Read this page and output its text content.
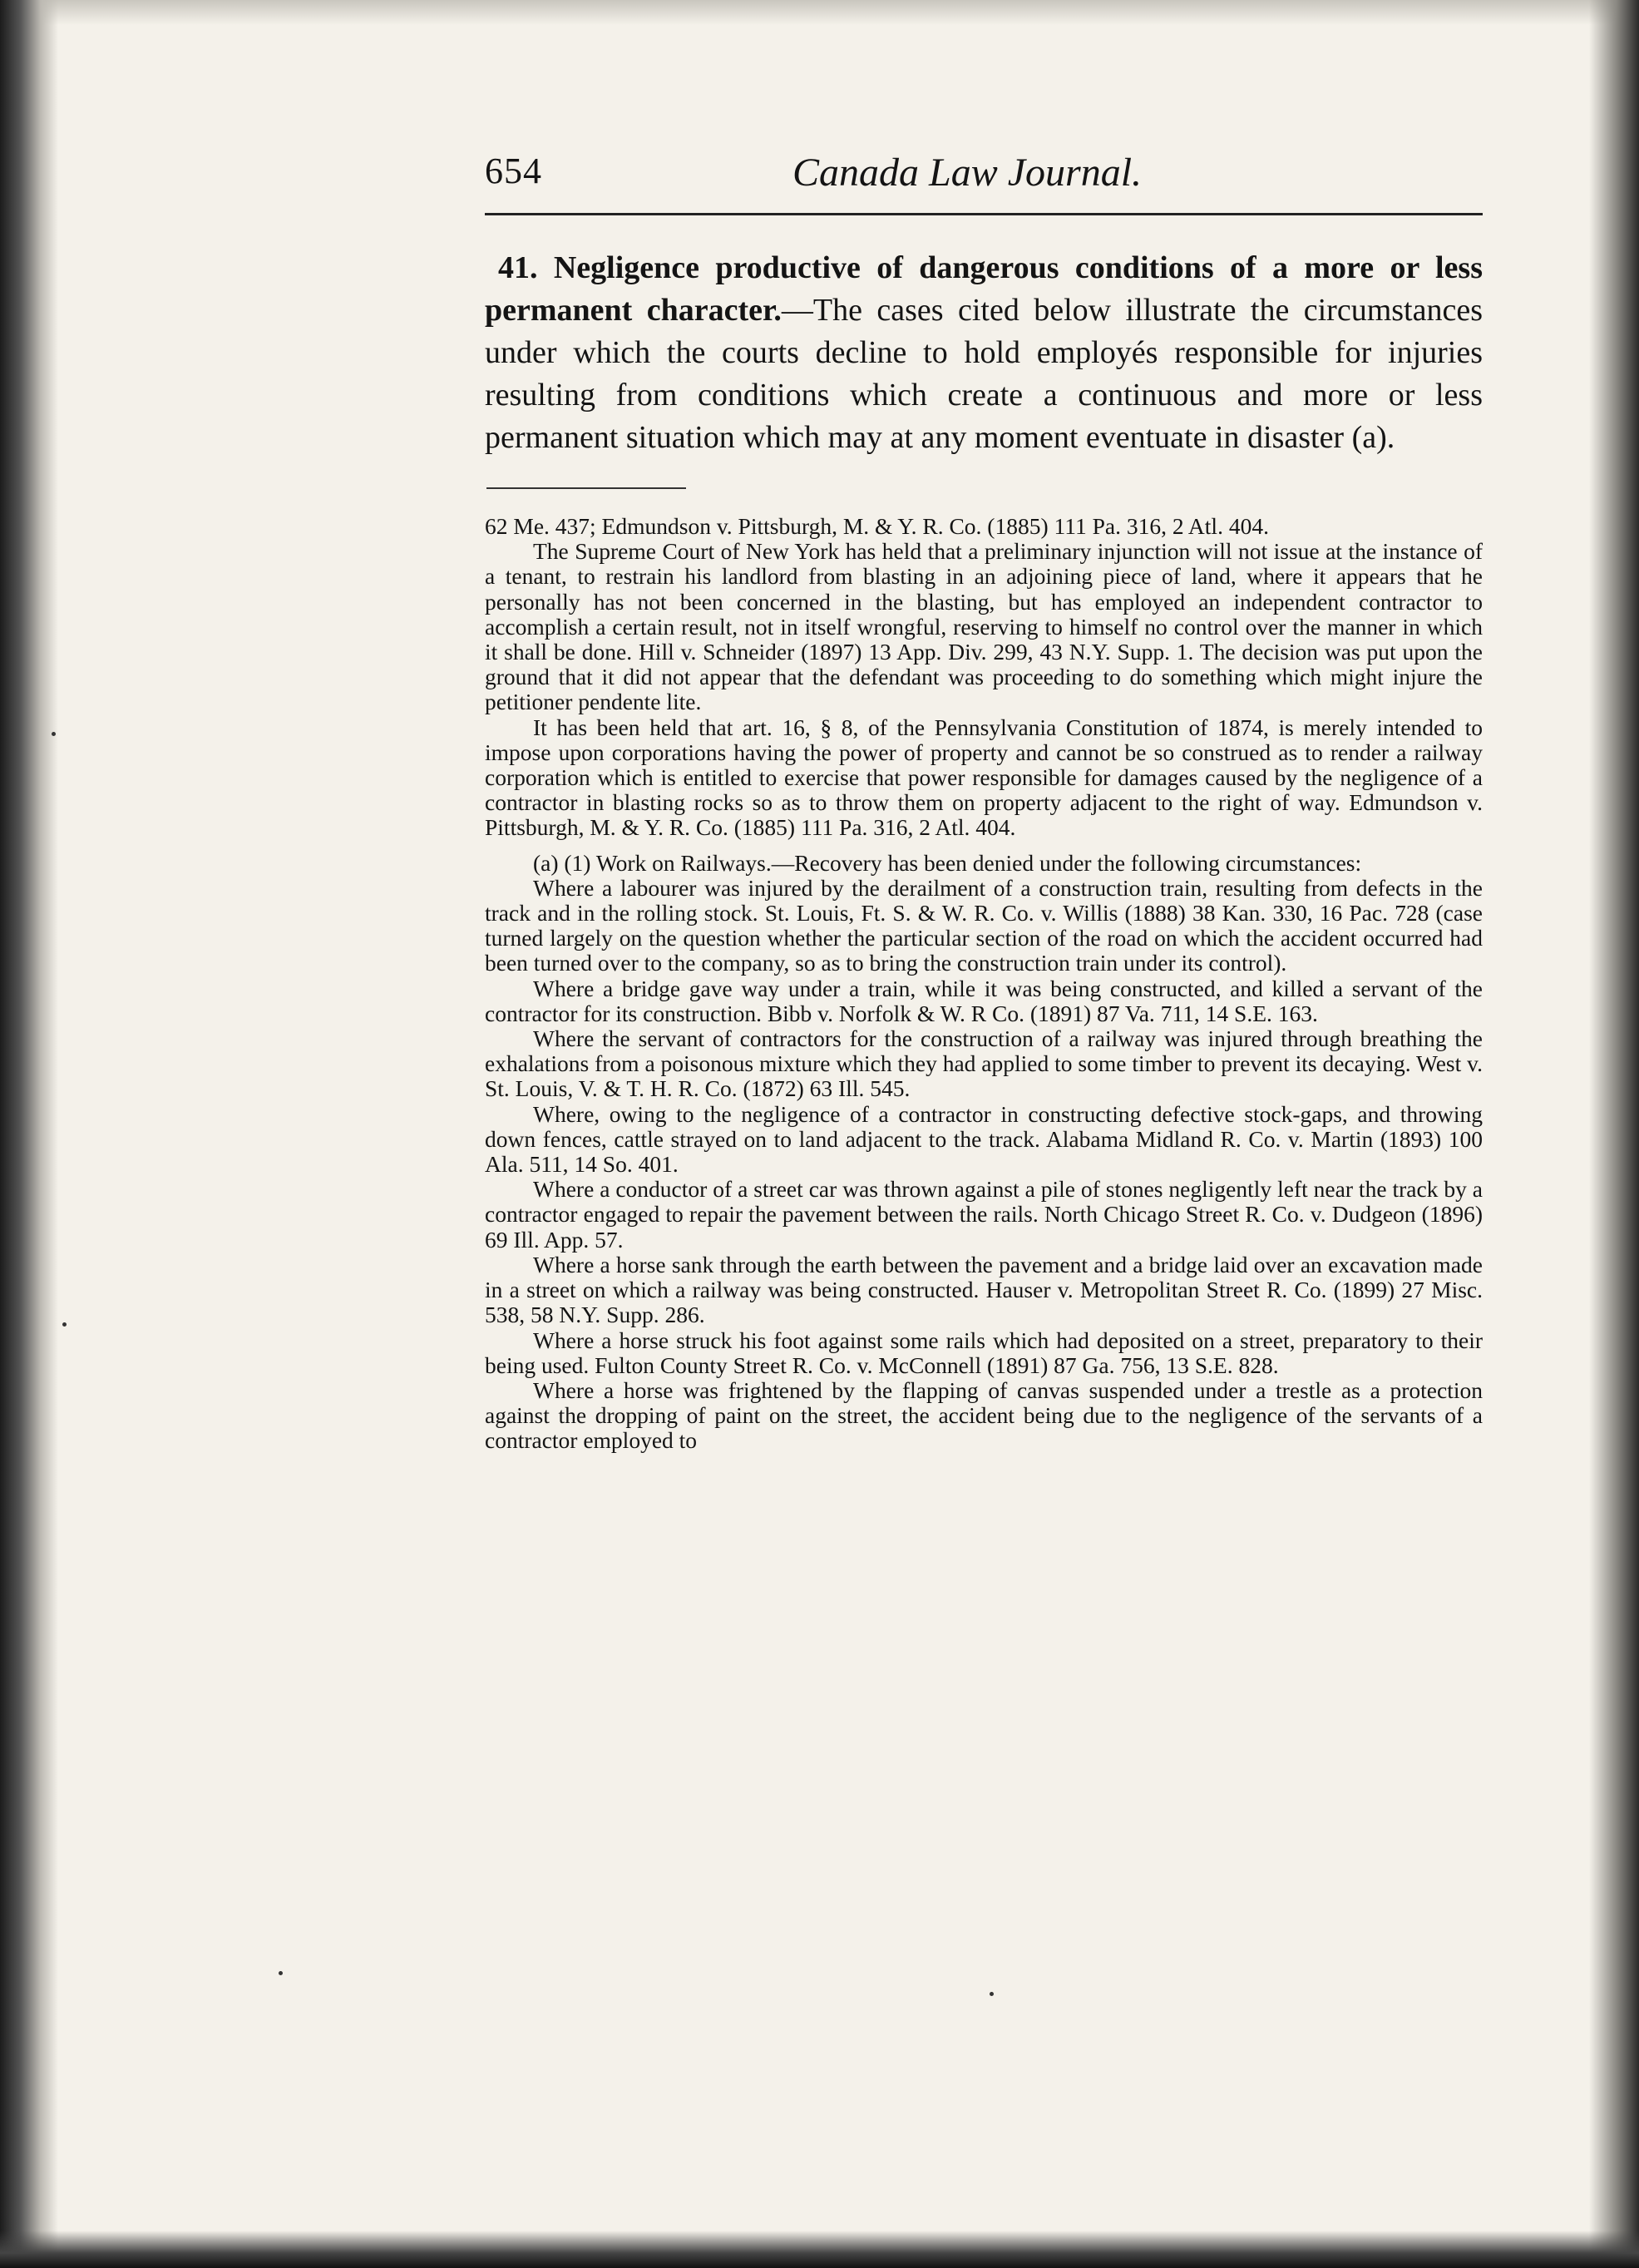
654	Canada Law Journal.
41. Negligence productive of dangerous conditions of a more or less permanent character.—The cases cited below illustrate the circumstances under which the courts decline to hold employés responsible for injuries resulting from conditions which create a continuous and more or less permanent situation which may at any moment eventuate in disaster (a).

62 Me. 437; Edmundson v. Pittsburgh, M. & Y. R. Co. (1885) 111 Pa. 316, 2 Atl. 404.

The Supreme Court of New York has held that a preliminary injunction will not issue at the instance of a tenant, to restrain his landlord from blasting in an adjoining piece of land, where it appears that he personally has not been concerned in the blasting, but has employed an independent contractor to accomplish a certain result, not in itself wrongful, reserving to himself no control over the manner in which it shall be done. Hill v. Schneider (1897) 13 App. Div. 299, 43 N.Y. Supp. 1. The decision was put upon the ground that it did not appear that the defendant was proceeding to do something which might injure the petitioner pendente lite.

It has been held that art. 16, § 8, of the Pennsylvania Constitution of 1874, is merely intended to impose upon corporations having the power of property and cannot be so construed as to render a railway corporation which is entitled to exercise that power responsible for damages caused by the negligence of a contractor in blasting rocks so as to throw them on property adjacent to the right of way. Edmundson v. Pittsburgh, M. & Y. R. Co. (1885) 111 Pa. 316, 2 Atl. 404.

(a) (1) Work on Railways.—Recovery has been denied under the following circumstances:

Where a labourer was injured by the derailment of a construction train, resulting from defects in the track and in the rolling stock. St. Louis, Ft. S. & W. R. Co. v. Willis (1888) 38 Kan. 330, 16 Pac. 728 (case turned largely on the question whether the particular section of the road on which the accident occurred had been turned over to the company, so as to bring the construction train under its control).

Where a bridge gave way under a train, while it was being constructed, and killed a servant of the contractor for its construction. Bibb v. Norfolk & W. R Co. (1891) 87 Va. 711, 14 S.E. 163.

Where the servant of contractors for the construction of a railway was injured through breathing the exhalations from a poisonous mixture which they had applied to some timber to prevent its decaying. West v. St. Louis, V. & T. H. R. Co. (1872) 63 Ill. 545.

Where, owing to the negligence of a contractor in constructing defective stock-gaps, and throwing down fences, cattle strayed on to land adjacent to the track. Alabama Midland R. Co. v. Martin (1893) 100 Ala. 511, 14 So. 401.

Where a conductor of a street car was thrown against a pile of stones negligently left near the track by a contractor engaged to repair the pavement between the rails. North Chicago Street R. Co. v. Dudgeon (1896) 69 Ill. App. 57.

Where a horse sank through the earth between the pavement and a bridge laid over an excavation made in a street on which a railway was being constructed. Hauser v. Metropolitan Street R. Co. (1899) 27 Misc. 538, 58 N.Y. Supp. 286.

Where a horse struck his foot against some rails which had deposited on a street, preparatory to their being used. Fulton County Street R. Co. v. McConnell (1891) 87 Ga. 756, 13 S.E. 828.

Where a horse was frightened by the flapping of canvas suspended under a trestle as a protection against the dropping of paint on the street, the accident being due to the negligence of the servants of a contractor employed to
